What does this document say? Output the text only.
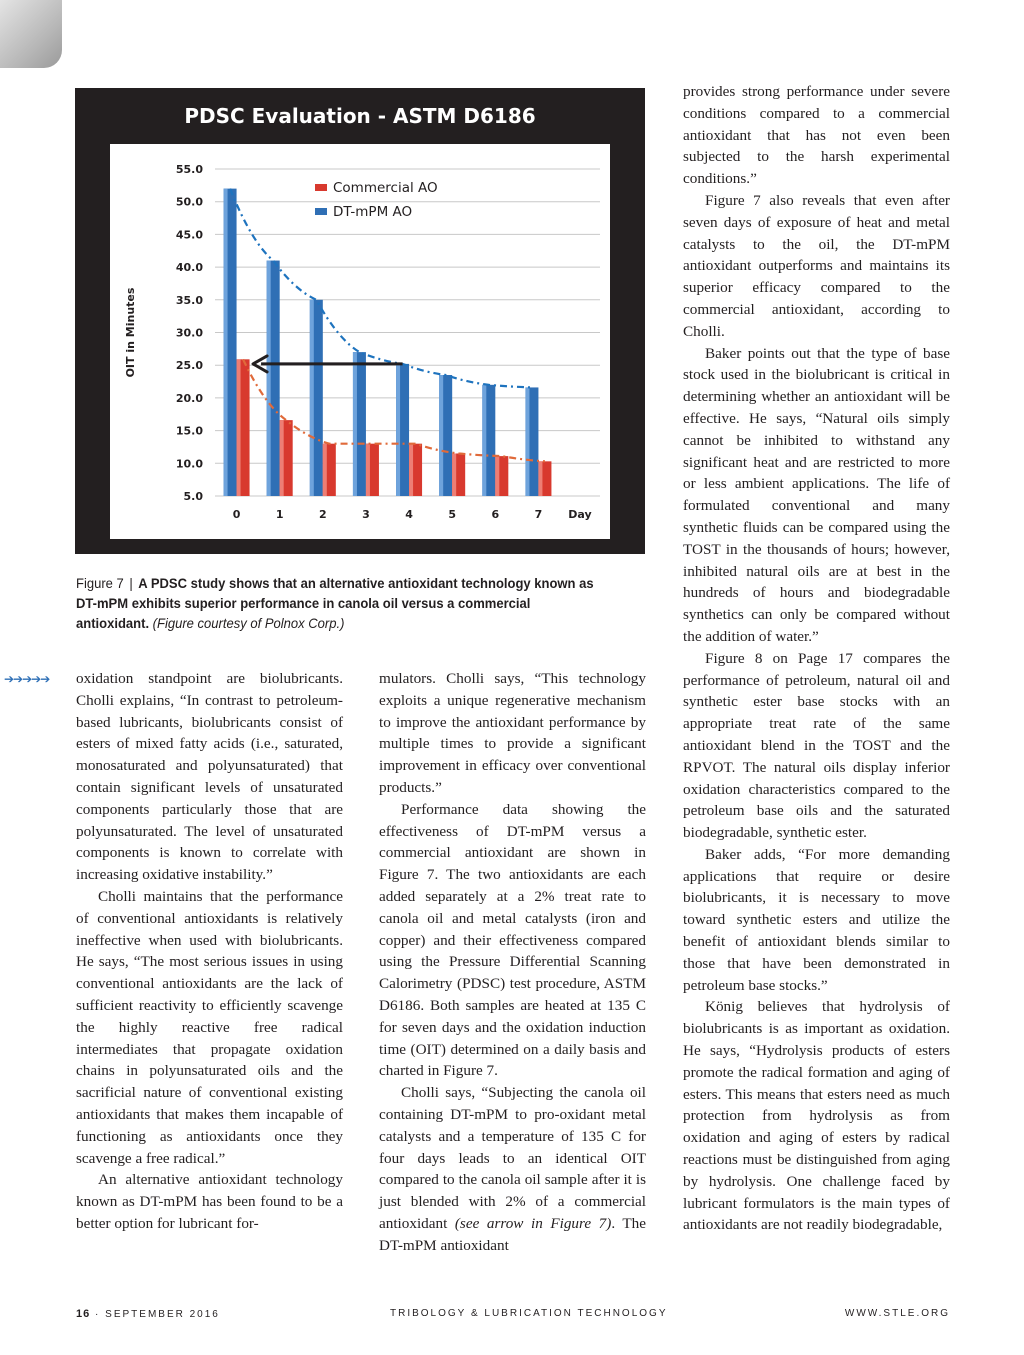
PDSC Evaluation - ASTM D6186
55.0
50.0
45.0
40.0
35.0
30.0
25.0
20.0
15.0
10.0
5.0
OIT in Minutes
0	1	2	3	4	5	6	7 Day
Commercial AO
DT-mPM AO
Figure 7 | A PDSC study shows that an alternative antioxidant technology known as DT-mPM exhibits superior performance in canola oil versus a commercial antioxidant. (Figure courtesy of Polnox Corp.)
➔➔➔➔➔ oxidation standpoint are biolubricants. Cholli explains, “In contrast to petroleum-based lubricants, biolubricants consist of esters of mixed fatty acids (i.e., saturated, monosaturated and polyunsaturated) that contain significant levels of unsaturated components particularly those that are polyunsaturated. The level of unsaturated components is known to correlate with increasing oxidative instability.”

Cholli maintains that the performance of conventional antioxidants is relatively ineffective when used with biolubricants. He says, “The most serious issues in using conventional antioxidants are the lack of sufficient reactivity to efficiently scavenge the highly reactive free radical intermediates that propagate oxidation chains in polyunsaturated oils and the sacrificial nature of conventional existing antioxidants that makes them incapable of functioning as antioxidants once they scavenge a free radical.”

An alternative antioxidant technology known as DT-mPM has been found to be a better option for lubricant for-

mulators. Cholli says, “This technology exploits a unique regenerative mechanism to improve the antioxidant performance by multiple times to provide a significant improvement in efficacy over conventional products.”

Performance data showing the effectiveness of DT-mPM versus a commercial antioxidant are shown in Figure 7. The two antioxidants are each added separately at a 2% treat rate to canola oil and metal catalysts (iron and copper) and their effectiveness compared using the Pressure Differential Scanning Calorimetry (PDSC) test procedure, ASTM D6186. Both samples are heated at 135 C for seven days and the oxidation induction time (OIT) determined on a daily basis and charted in Figure 7.

Cholli says, “Subjecting the canola oil containing DT-mPM to pro-oxidant metal catalysts and a temperature of 135 C for four days leads to an identical OIT compared to the canola oil sample after it is just blended with 2% of a commercial antioxidant (see arrow in Figure 7). The DT-mPM antioxidant

provides strong performance under severe conditions compared to a commercial antioxidant that has not even been subjected to the harsh experimental conditions.”

Figure 7 also reveals that even after seven days of exposure of heat and metal catalysts to the oil, the DT-mPM antioxidant outperforms and maintains its superior efficacy compared to the commercial antioxidant, according to Cholli.

Baker points out that the type of base stock used in the biolubricant is critical in determining whether an antioxidant will be effective. He says, “Natural oils simply cannot be inhibited to withstand any significant heat and are restricted to more or less ambient applications. The life of formulated conventional and many synthetic fluids can be compared using the TOST in the thousands of hours; however, inhibited natural oils are at best in the hundreds of hours and biodegradable synthetics can only be compared without the addition of water.”

Figure 8 on Page 17 compares the performance of petroleum, natural oil and synthetic ester base stocks with an appropriate treat rate of the same antioxidant blend in the TOST and the RPVOT. The natural oils display inferior oxidation characteristics compared to the petroleum base oils and the saturated biodegradable, synthetic ester.

Baker adds, “For more demanding applications that require or desire biolubricants, it is necessary to move toward synthetic esters and utilize the benefit of antioxidant blends similar to those that have been demonstrated in petroleum base stocks.”

König believes that hydrolysis of biolubricants is as important as oxidation. He says, “Hydrolysis products of esters promote the radical formation and aging of esters. This means that esters need as much protection from hydrolysis as from oxidation and aging of esters by radical reactions must be distinguished from aging by hydrolysis. One challenge faced by lubricant formulators is the main types of antioxidants are not readily biodegradable,

16 · SEPTEMBER 2016	TRIBOLOGY & LUBRICATION TECHNOLOGY	WWW.STLE.ORG
